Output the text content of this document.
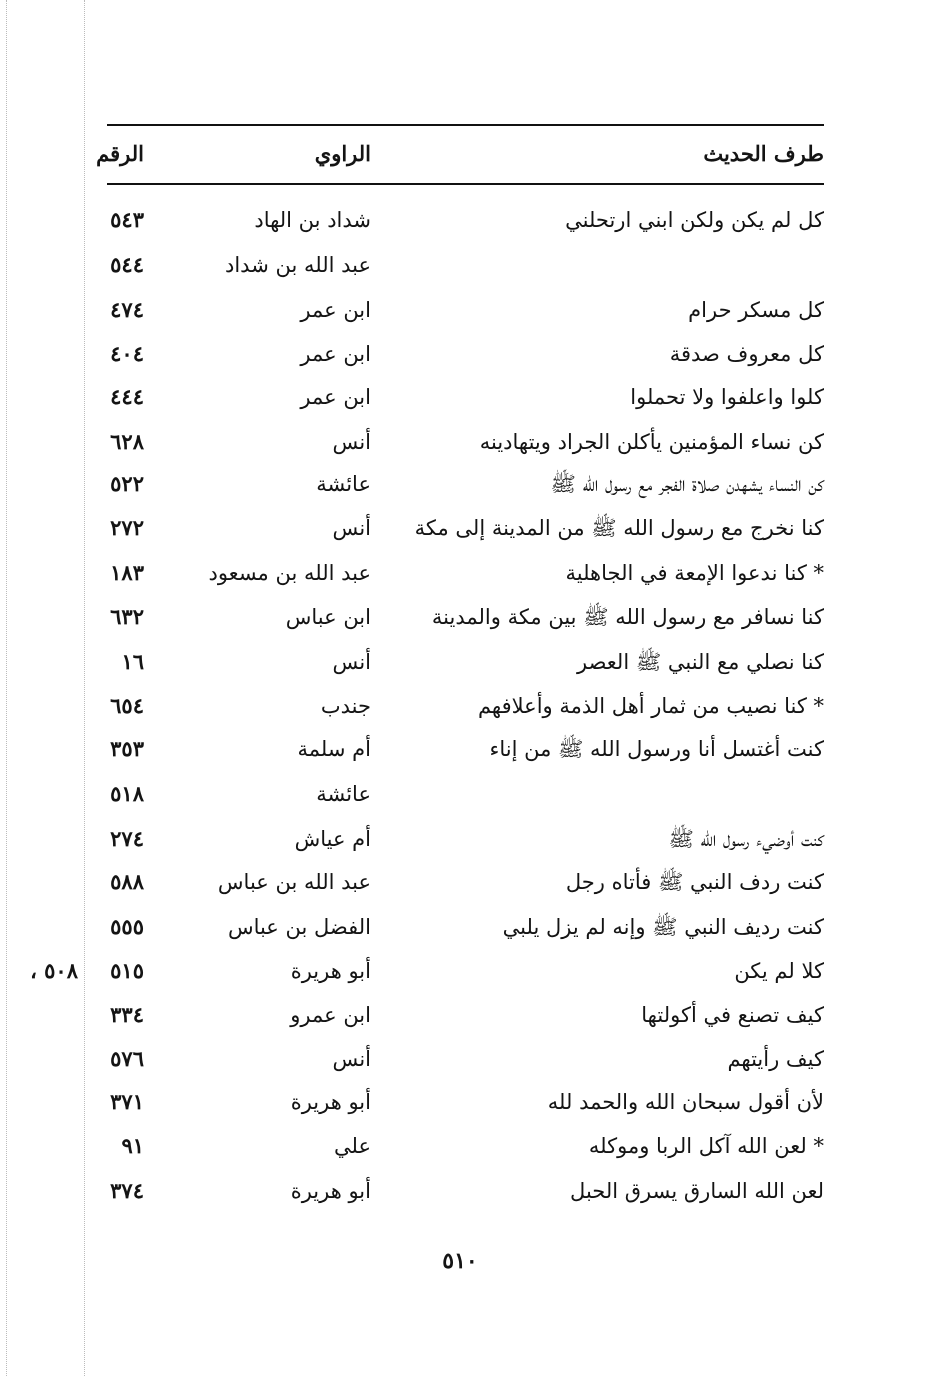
طرف الحديث
الراوي
الرقم
كل لم يكن ولكن ابني ارتحلني
شداد بن الهاد
٥٤٣
عبد الله بن شداد
٥٤٤
كل مسكر حرام
ابن عمر
٤٧٤
كل معروف صدقة
ابن عمر
٤٠٤
كلوا واعلفوا ولا تحملوا
ابن عمر
٤٤٤
كن نساء المؤمنين يأكلن الجراد ويتهادينه
أنس
٦٢٨
كن النساء يشهدن صلاة الفجر مع رسول الله ﷺ
عائشة
٥٢٢
كنا نخرج مع رسول الله ﷺ من المدينة إلى مكة
أنس
٢٧٢
* كنا ندعوا الإمعة في الجاهلية
عبد الله بن مسعود
١٨٣
كنا نسافر مع رسول الله ﷺ بين مكة والمدينة
ابن عباس
٦٣٢
كنا نصلي مع النبي ﷺ العصر
أنس
١٦
* كنا نصيب من ثمار أهل الذمة وأعلافهم
جندب
٦٥٤
كنت أغتسل أنا ورسول الله ﷺ من إناء
أم سلمة
٣٥٣
عائشة
٥١٨
كنت أوضيء رسول الله ﷺ
أم عياش
٢٧٤
كنت ردف النبي ﷺ فأتاه رجل
عبد الله بن عباس
٥٨٨
كنت رديف النبي ﷺ وإنه لم يزل يلبي
الفضل بن عباس
٥٥٥
كلا لم يكن
أبو هريرة
٥١٥
٥٠٨ ،
كيف تصنع في أكولتها
ابن عمرو
٣٣٤
كيف رأيتهم
أنس
٥٧٦
لأن أقول سبحان الله والحمد لله
أبو هريرة
٣٧١
* لعن الله آكل الربا وموكله
علي
٩١
لعن الله السارق يسرق الحبل
أبو هريرة
٣٧٤
٥١٠
